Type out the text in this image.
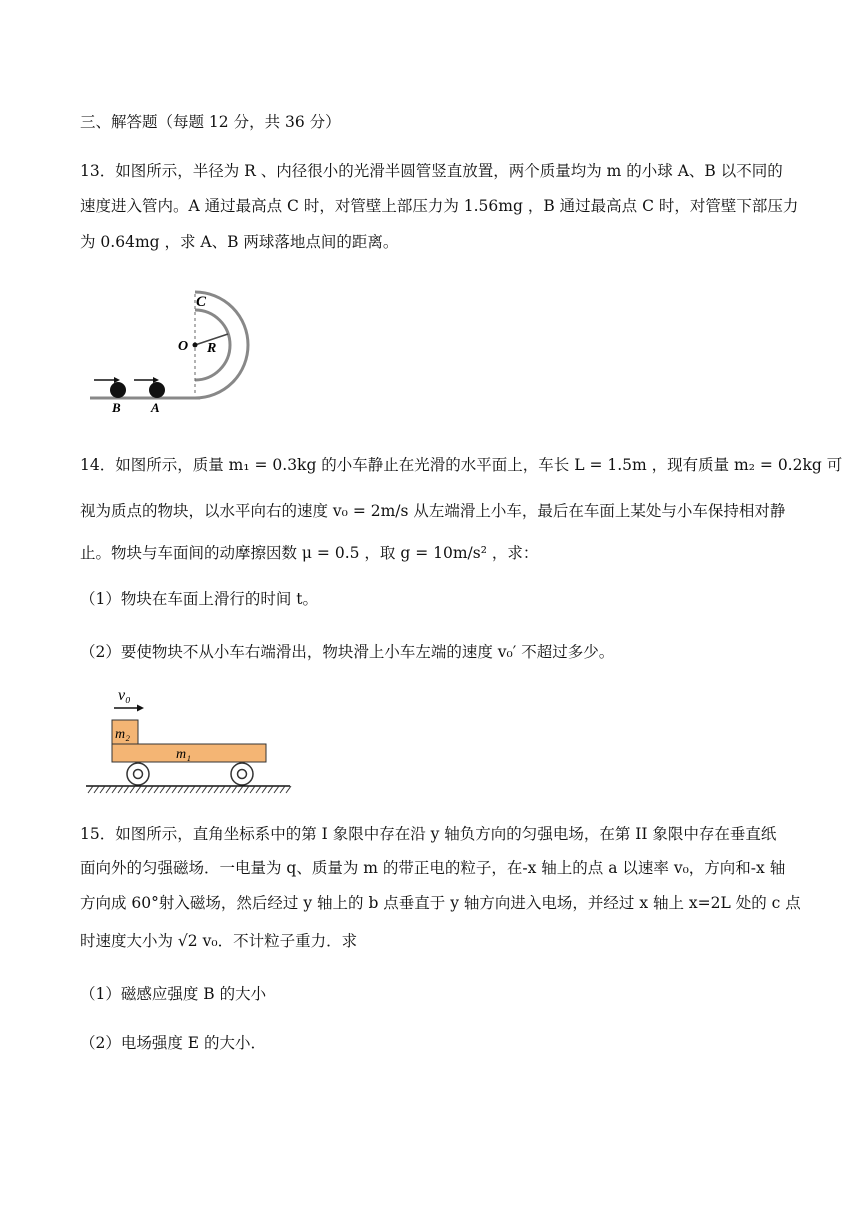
三、解答题（每题 12 分，共 36 分）
13．如图所示，半径为 R 、内径很小的光滑半圆管竖直放置，两个质量均为 m 的小球 A、B 以不同的
速度进入管内。A 通过最高点 C 时，对管壁上部压力为 1.56mg ，B 通过最高点 C 时，对管壁下部压力
为 0.64mg ，求 A、B 两球落地点间的距离。
C
O R
B A
14．如图所示，质量 m₁ = 0.3kg 的小车静止在光滑的水平面上，车长 L = 1.5m ，现有质量 m₂ = 0.2kg 可
视为质点的物块，以水平向右的速度 v₀ = 2m/s 从左端滑上小车，最后在车面上某处与小车保持相对静
止。物块与车面间的动摩擦因数 μ = 0.5 ，取 g = 10m/s² ，求：
（1）物块在车面上滑行的时间 t。
（2）要使物块不从小车右端滑出，物块滑上小车左端的速度 v₀′ 不超过多少。
v₀
m₂
m₁
15．如图所示，直角坐标系中的第 I 象限中存在沿 y 轴负方向的匀强电场，在第 II 象限中存在垂直纸
面向外的匀强磁场．一电量为 q、质量为 m 的带正电的粒子，在-x 轴上的点 a 以速率 v₀，方向和-x 轴
方向成 60°射入磁场，然后经过 y 轴上的 b 点垂直于 y 轴方向进入电场，并经过 x 轴上 x=2L 处的 c 点
时速度大小为 √2 v₀．不计粒子重力．求
（1）磁感应强度 B 的大小
（2）电场强度 E 的大小．
